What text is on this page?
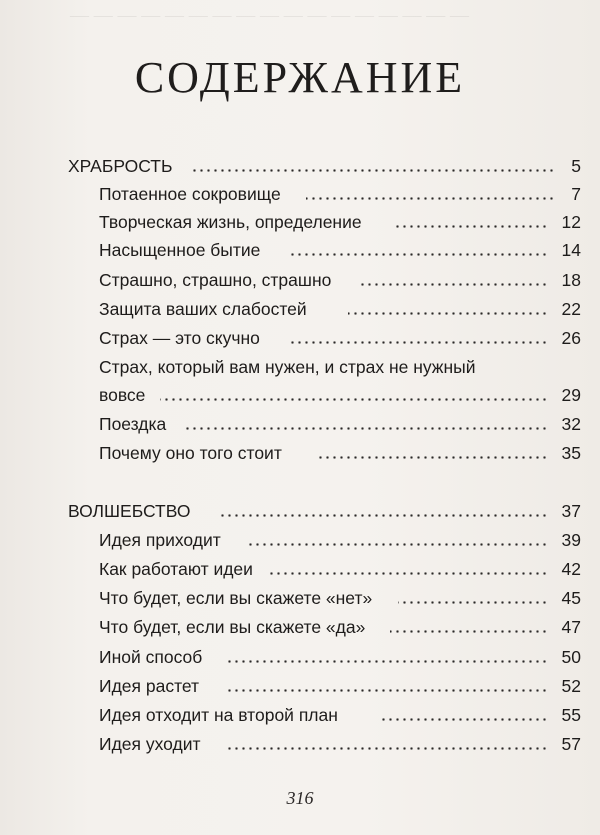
СОДЕРЖАНИЕ
ХРАБРОСТЬ	5
Потаенное сокровище	7
Творческая жизнь, определение	12
Насыщенное бытие	14
Страшно, страшно, страшно	18
Защита ваших слабостей	22
Страх — это скучно	26
Страх, который вам нужен, и страх не нужный
вовсе	29
Поездка	32
Почему оно того стоит	35
ВОЛШЕБСТВО	37
Идея приходит	39
Как работают идеи	42
Что будет, если вы скажете «нет»	45
Что будет, если вы скажете «да»	47
Иной способ	50
Идея растет	52
Идея отходит на второй план	55
Идея уходит	57
316
